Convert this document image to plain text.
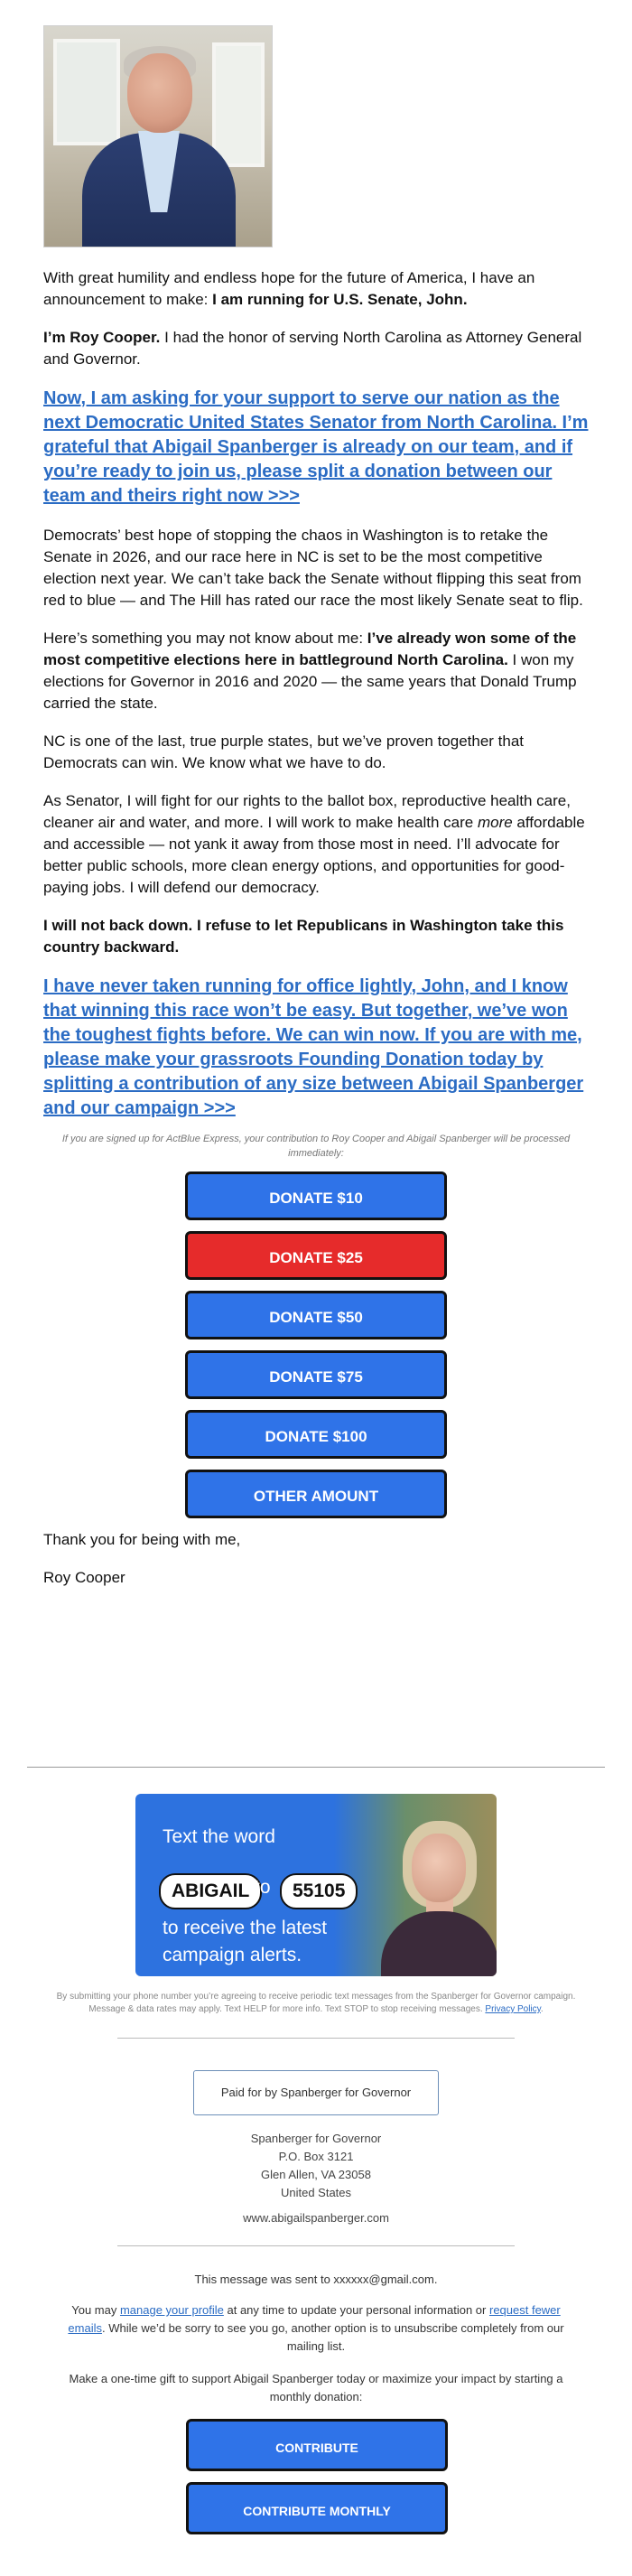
With great humility and endless hope for the future of America, I have an announcement to make: I am running for U.S. Senate, John.

I’m Roy Cooper. I had the honor of serving North Carolina as Attorney General and Governor.

Now, I am asking for your support to serve our nation as the next Democratic United States Senator from North Carolina. I’m grateful that Abigail Spanberger is already on our team, and if you’re ready to join us, please split a donation between our team and theirs right now >>>

Democrats’ best hope of stopping the chaos in Washington is to retake the Senate in 2026, and our race here in NC is set to be the most competitive election next year. We can’t take back the Senate without flipping this seat from red to blue — and The Hill has rated our race the most likely Senate seat to flip.

Here’s something you may not know about me: I’ve already won some of the most competitive elections here in battleground North Carolina. I won my elections for Governor in 2016 and 2020 — the same years that Donald Trump carried the state.

NC is one of the last, true purple states, but we’ve proven together that Democrats can win. We know what we have to do.

As Senator, I will fight for our rights to the ballot box, reproductive health care, cleaner air and water, and more. I will work to make health care more affordable and accessible — not yank it away from those most in need. I’ll advocate for better public schools, more clean energy options, and opportunities for good-paying jobs. I will defend our democracy.

I will not back down. I refuse to let Republicans in Washington take this country backward.

I have never taken running for office lightly, John, and I know that winning this race won’t be easy. But together, we’ve won the toughest fights before. We can win now. If you are with me, please make your grassroots Founding Donation today by splitting a contribution of any size between Abigail Spanberger and our campaign >>>
If you are signed up for ActBlue Express, your contribution to Roy Cooper and Abigail Spanberger will be processed immediately:
DONATE $10
DONATE $25
DONATE $50
DONATE $75
DONATE $100
OTHER AMOUNT

Thank you for being with me,

Roy Cooper

Text the word
ABIGAIL to	55105
to receive the latest
campaign alerts.
By submitting your phone number you’re agreeing to receive periodic text messages from the Spanberger for Governor campaign. Message & data rates may apply. Text HELP for more info. Text STOP to stop receiving messages. Privacy Policy.
Paid for by Spanberger for Governor
Spanberger for Governor
P.O. Box 3121
Glen Allen, VA 23058
United States
www.abigailspanberger.com
This message was sent to xxxxxx@gmail.com.
You may manage your profile at any time to update your personal information or request fewer emails. While we’d be sorry to see you go, another option is to unsubscribe completely from our mailing list.
Make a one-time gift to support Abigail Spanberger today or maximize your impact by starting a monthly donation:
CONTRIBUTE
CONTRIBUTE MONTHLY
